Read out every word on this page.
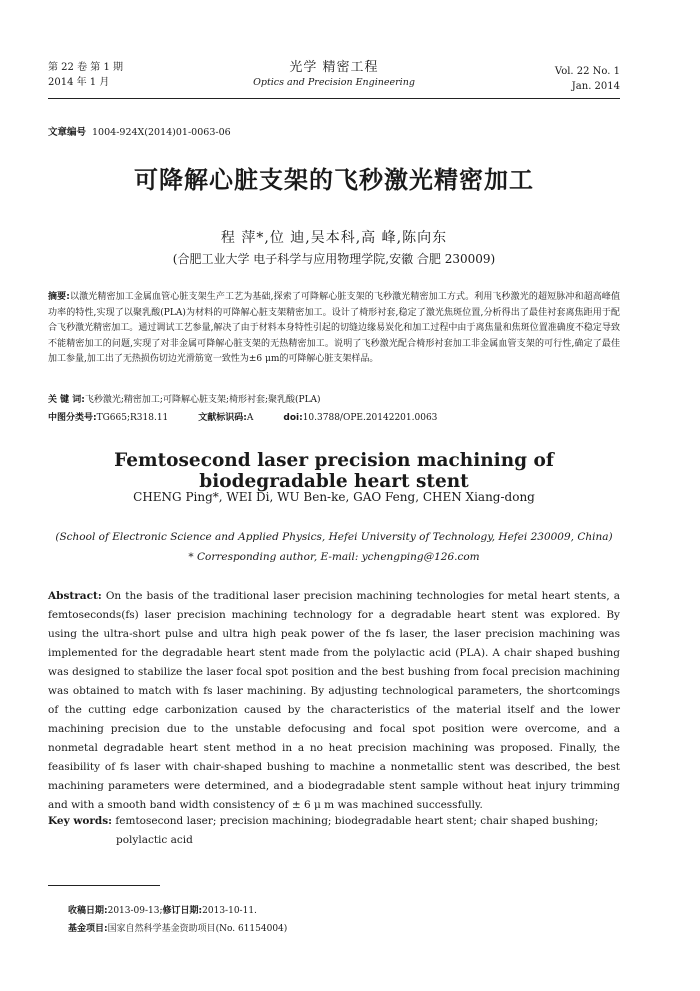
第 22 卷 第 1 期
2014 年 1 月
光学 精密工程
Optics and Precision Engineering
Vol. 22 No. 1
Jan. 2014
文章编号 1004-924X(2014)01-0063-06
可降解心脏支架的飞秒激光精密加工
程 萍*,位 迪,吴本科,高 峰,陈向东
(合肥工业大学 电子科学与应用物理学院,安徽 合肥 230009)
摘要:以激光精密加工金属血管心脏支架生产工艺为基础,探索了可降解心脏支架的飞秒激光精密加工方式。利用飞秒激光的超短脉冲和超高峰值功率的特性,实现了以聚乳酸(PLA)为材料的可降解心脏支架精密加工。设计了椅形衬套,稳定了激光焦斑位置,分析得出了最佳衬套离焦距用于配合飞秒激光精密加工。通过调试工艺参量,解决了由于材料本身特性引起的切缝边缘易炭化和加工过程中由于离焦量和焦斑位置准确度不稳定导致不能精密加工的问题,实现了对非金属可降解心脏支架的无热精密加工。说明了飞秒激光配合椅形衬套加工非金属血管支架的可行性,确定了最佳加工参量,加工出了无热损伤切边光滑筋宽一致性为±6 μm的可降解心脏支架样品。
关 键 词:飞秒激光;精密加工;可降解心脏支架;椅形衬套;聚乳酸(PLA)
中图分类号:TG665;R318.11	文献标识码:A	doi:10.3788/OPE.20142201.0063
Femtosecond laser precision machining of biodegradable heart stent
CHENG Ping*, WEI Di, WU Ben-ke, GAO Feng, CHEN Xiang-dong
(School of Electronic Science and Applied Physics, Hefei University of Technology, Hefei 230009, China)
* Corresponding author, E-mail: ychengping@126.com
Abstract: On the basis of the traditional laser precision machining technologies for metal heart stents, a femtoseconds(fs) laser precision machining technology for a degradable heart stent was explored. By using the ultra-short pulse and ultra high peak power of the fs laser, the laser precision machining was implemented for the degradable heart stent made from the polylactic acid (PLA). A chair shaped bushing was designed to stabilize the laser focal spot position and the best bushing from focal precision machining was obtained to match with fs laser machining. By adjusting technological parameters, the shortcomings of the cutting edge carbonization caused by the characteristics of the material itself and the lower machining precision due to the unstable defocusing and focal spot position were overcome, and a nonmetal degradable heart stent method in a no heat precision machining was proposed. Finally, the feasibility of fs laser with chair-shaped bushing to machine a nonmetallic stent was described, the best machining parameters were determined, and a biodegradable stent sample without heat injury trimming and with a smooth band width consistency of ± 6 μ m was machined successfully.
Key words: femtosecond laser; precision machining; biodegradable heart stent; chair shaped bushing;
polylactic acid
收稿日期:2013-09-13;修订日期:2013-10-11.
基金项目:国家自然科学基金资助项目(No. 61154004)
